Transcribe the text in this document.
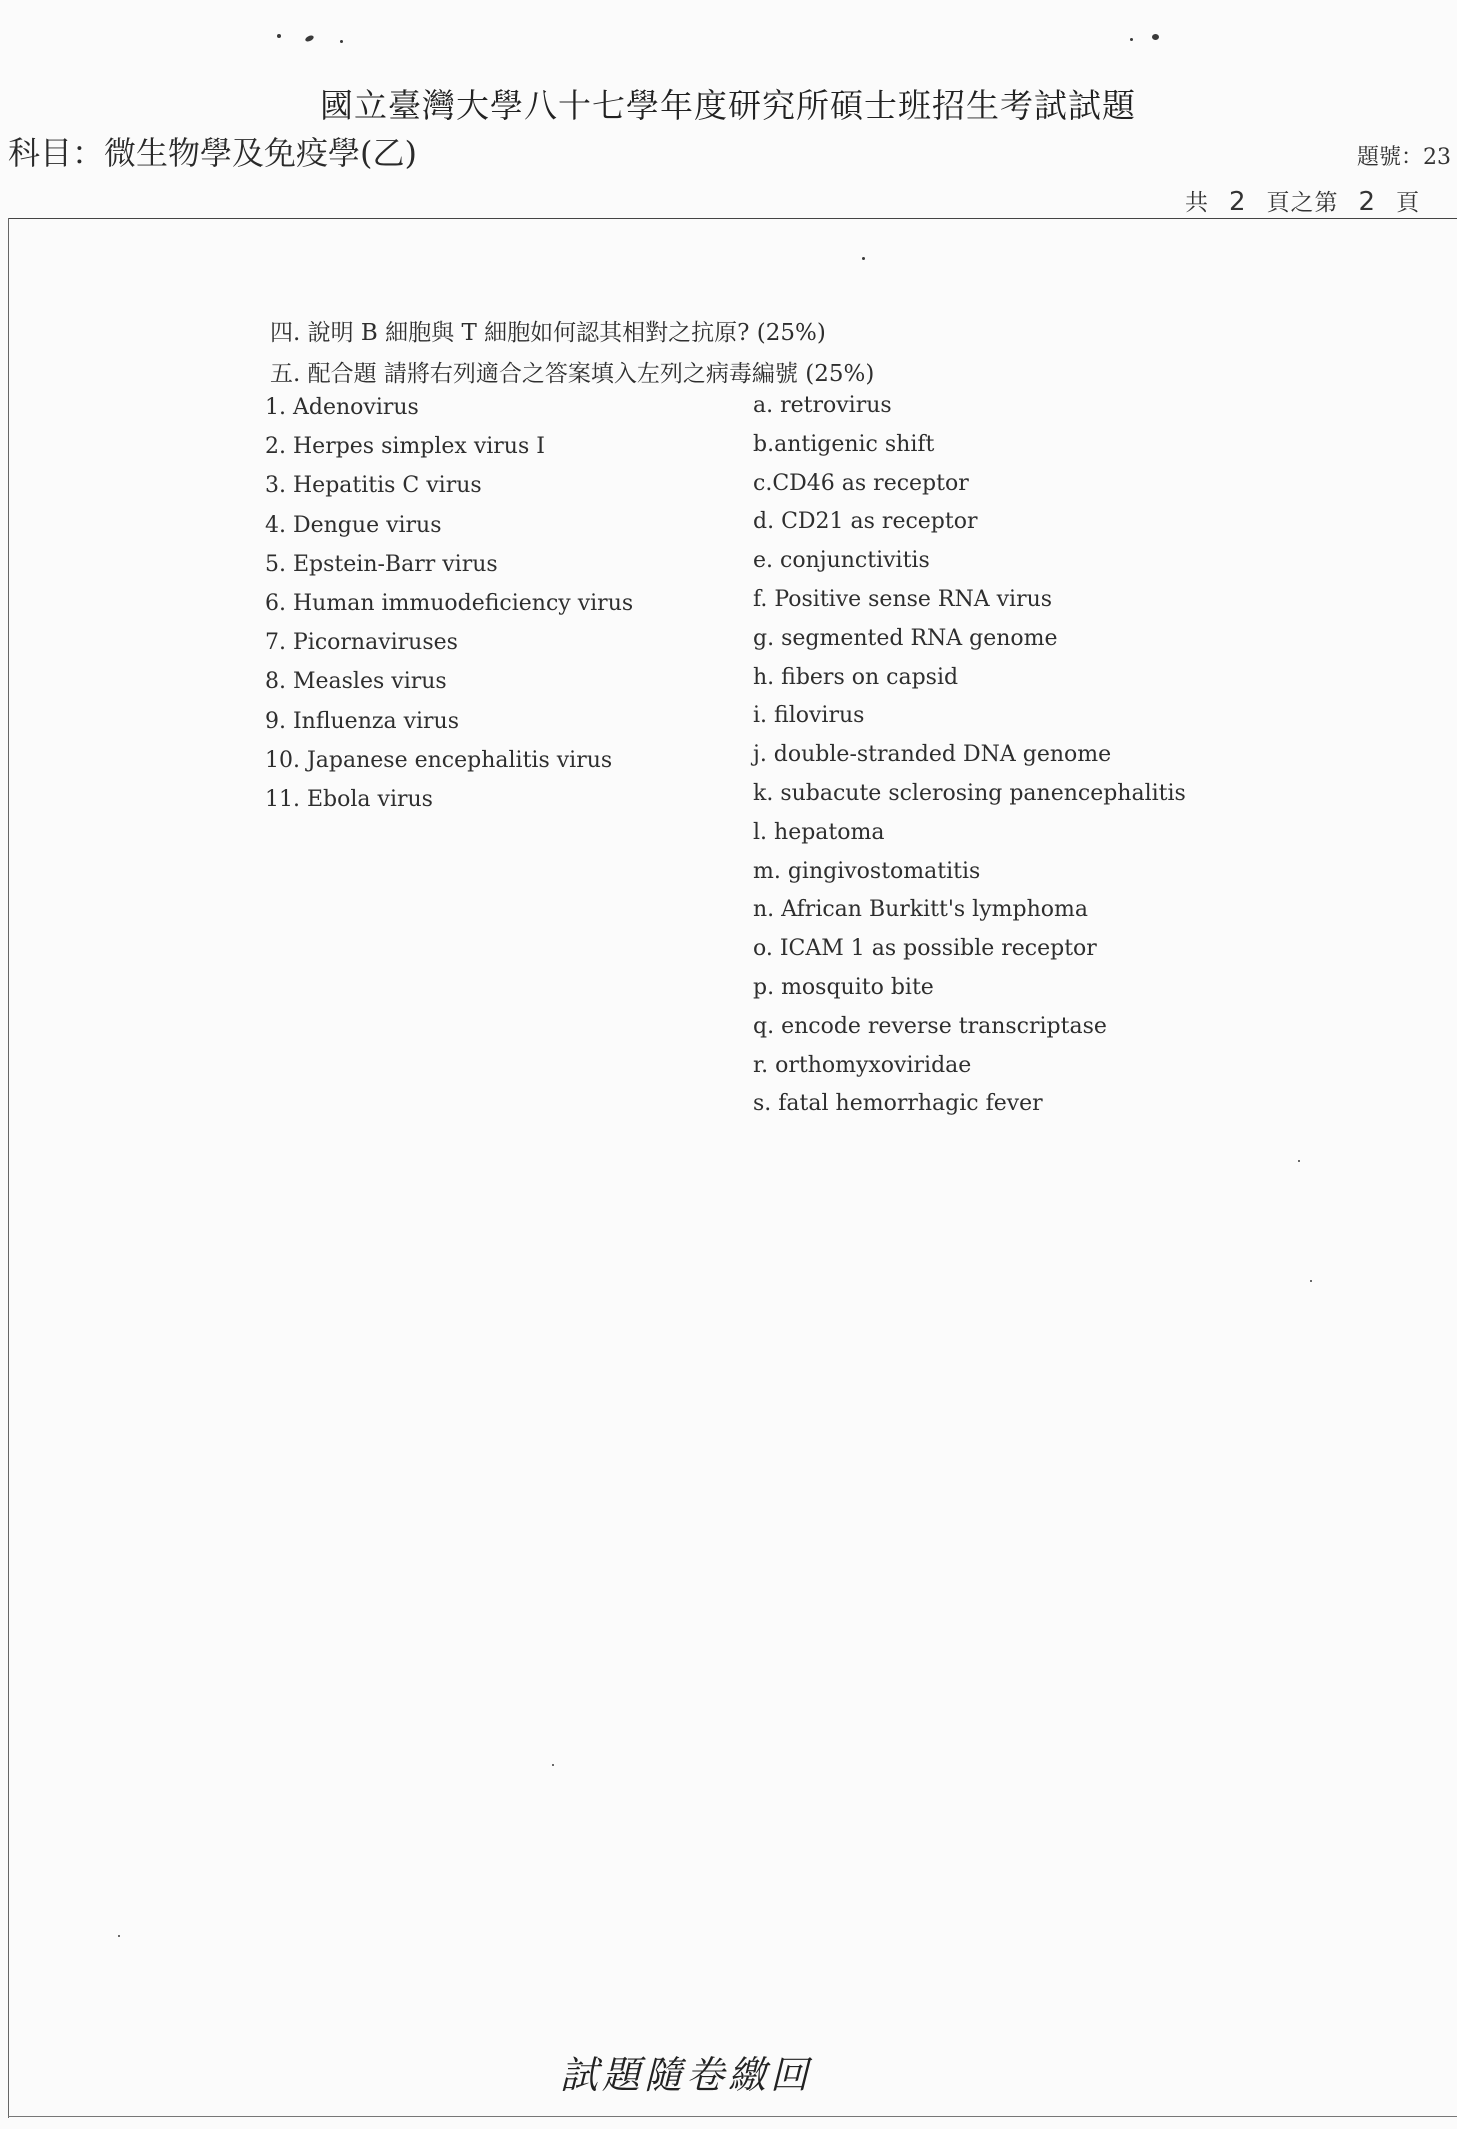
國立臺灣大學八十七學年度研究所碩士班招生考試試題
科目：微生物學及免疫學(乙)	題號：23
共 2 頁之第 2 頁
四. 說明 B 細胞與 T 細胞如何認其相對之抗原? (25%)
五. 配合題 請將右列適合之答案填入左列之病毒編號 (25%)
1. Adenovirus
2. Herpes simplex virus I
3. Hepatitis C virus
4. Dengue virus
5. Epstein-Barr virus
6. Human immuodeficiency virus
7. Picornaviruses
8. Measles virus
9. Influenza virus
10. Japanese encephalitis virus
11. Ebola virus
a. retrovirus
b.antigenic shift
c.CD46 as receptor
d. CD21 as receptor
e. conjunctivitis
f. Positive sense RNA virus
g. segmented RNA genome
h. fibers on capsid
i. filovirus
j. double-stranded DNA genome
k. subacute sclerosing panencephalitis
l. hepatoma
m. gingivostomatitis
n. African Burkitt's lymphoma
o. ICAM 1 as possible receptor
p. mosquito bite
q. encode reverse transcriptase
r. orthomyxoviridae
s. fatal hemorrhagic fever
試題隨卷繳回
